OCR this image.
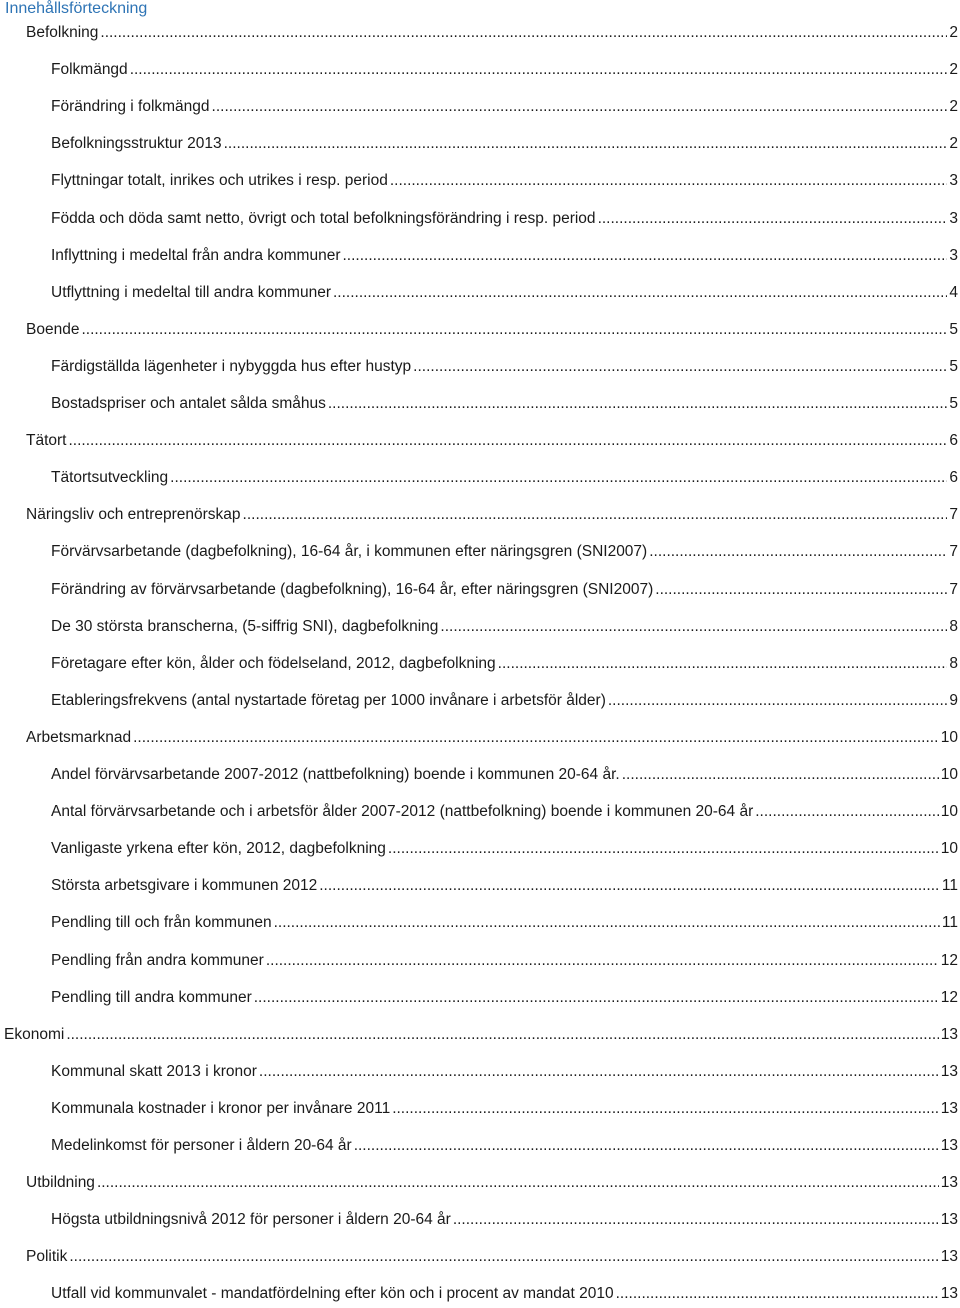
Innehållsförteckning
Befolkning .....	2
Folkmängd .....	2
Förändring i folkmängd .....	2
Befolkningsstruktur 2013 .....	2
Flyttningar totalt, inrikes och utrikes i resp. period .....	3
Födda och döda samt netto, övrigt och total befolkningsförändring i resp. period .....	3
Inflyttning i medeltal från andra kommuner .....	3
Utflyttning i medeltal till andra kommuner .....	4
Boende .....	5
Färdigställda lägenheter i nybyggda hus efter hustyp .....	5
Bostadspriser och antalet sålda småhus .....	5
Tätort .....	6
Tätortsutveckling .....	6
Näringsliv och entreprenörskap .....	7
Förvärvsarbetande (dagbefolkning), 16-64 år, i kommunen efter näringsgren (SNI2007) .....	7
Förändring av förvärvsarbetande (dagbefolkning), 16-64 år, efter näringsgren (SNI2007) .....	7
De 30 största branscherna, (5-siffrig SNI), dagbefolkning .....	8
Företagare efter kön, ålder och födelseland, 2012, dagbefolkning .....	8
Etableringsfrekvens (antal nystartade företag per 1000 invånare i arbetsför ålder) .....	9
Arbetsmarknad .....	10
Andel förvärvsarbetande 2007-2012 (nattbefolkning) boende i kommunen 20-64 år. .....	10
Antal förvärvsarbetande och i arbetsför ålder 2007-2012 (nattbefolkning) boende i kommunen 20-64 år .....	10
Vanligaste yrkena efter kön, 2012, dagbefolkning .....	10
Största arbetsgivare i kommunen 2012 .....	11
Pendling till och från kommunen .....	11
Pendling från andra kommuner .....	12
Pendling till andra kommuner .....	12
Ekonomi .....	13
Kommunal skatt 2013 i kronor .....	13
Kommunala kostnader i kronor per invånare 2011 .....	13
Medelinkomst för personer i åldern 20-64 år .....	13
Utbildning .....	13
Högsta utbildningsnivå 2012 för personer i åldern 20-64 år .....	13
Politik .....	13
Utfall vid kommunvalet - mandatfördelning efter kön och i procent av mandat 2010 .....	13
